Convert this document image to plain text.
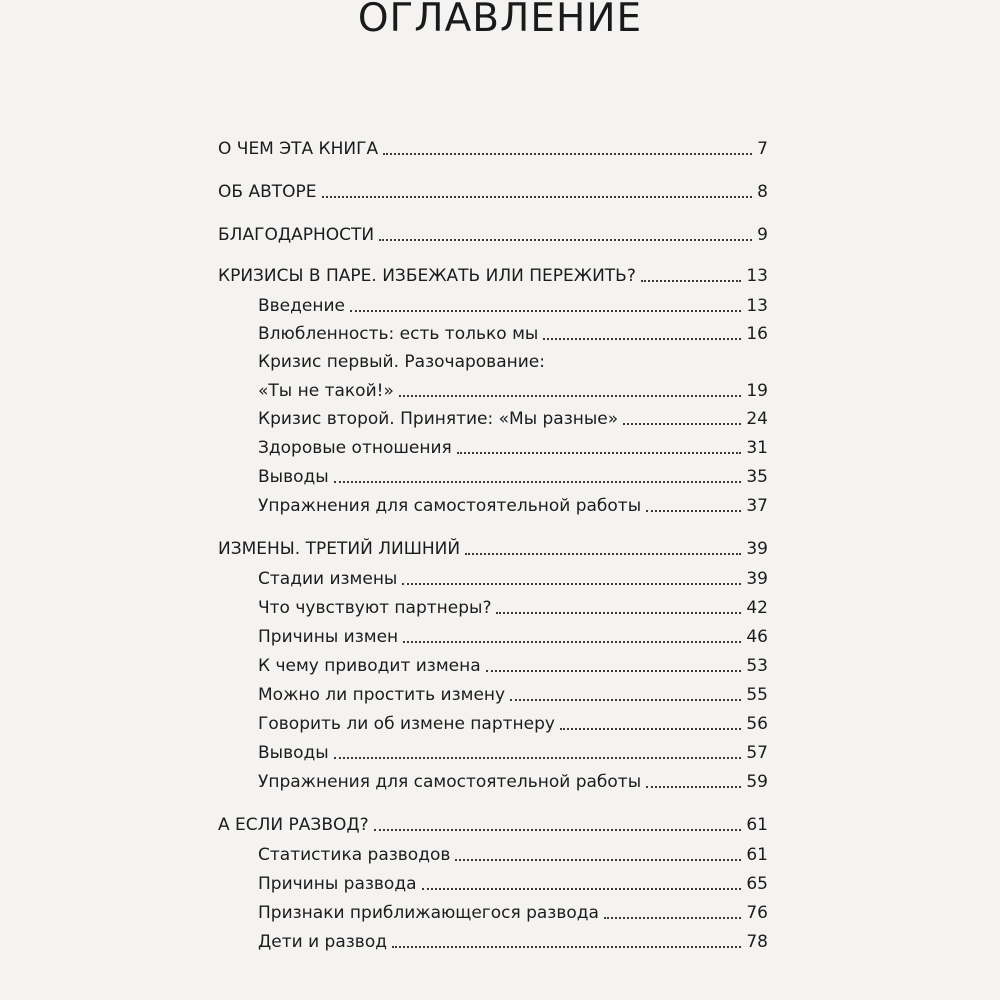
ОГЛАВЛЕНИЕ
О ЧЕМ ЭТА КНИГА	7
ОБ АВТОРЕ	8
БЛАГОДАРНОСТИ	9
КРИЗИСЫ В ПАРЕ. ИЗБЕЖАТЬ ИЛИ ПЕРЕЖИТЬ?	13
Введение	13
Влюбленность: есть только мы	16
Кризис первый. Разочарование:
«Ты не такой!»	19
Кризис второй. Принятие: «Мы разные»	24
Здоровые отношения	31
Выводы	35
Упражнения для самостоятельной работы	37
ИЗМЕНЫ. ТРЕТИЙ ЛИШНИЙ	39
Стадии измены	39
Что чувствуют партнеры?	42
Причины измен	46
К чему приводит измена	53
Можно ли простить измену	55
Говорить ли об измене партнеру	56
Выводы	57
Упражнения для самостоятельной работы	59
А ЕСЛИ РАЗВОД?	61
Статистика разводов	61
Причины развода	65
Признаки приближающегося развода	76
Дети и развод	78
